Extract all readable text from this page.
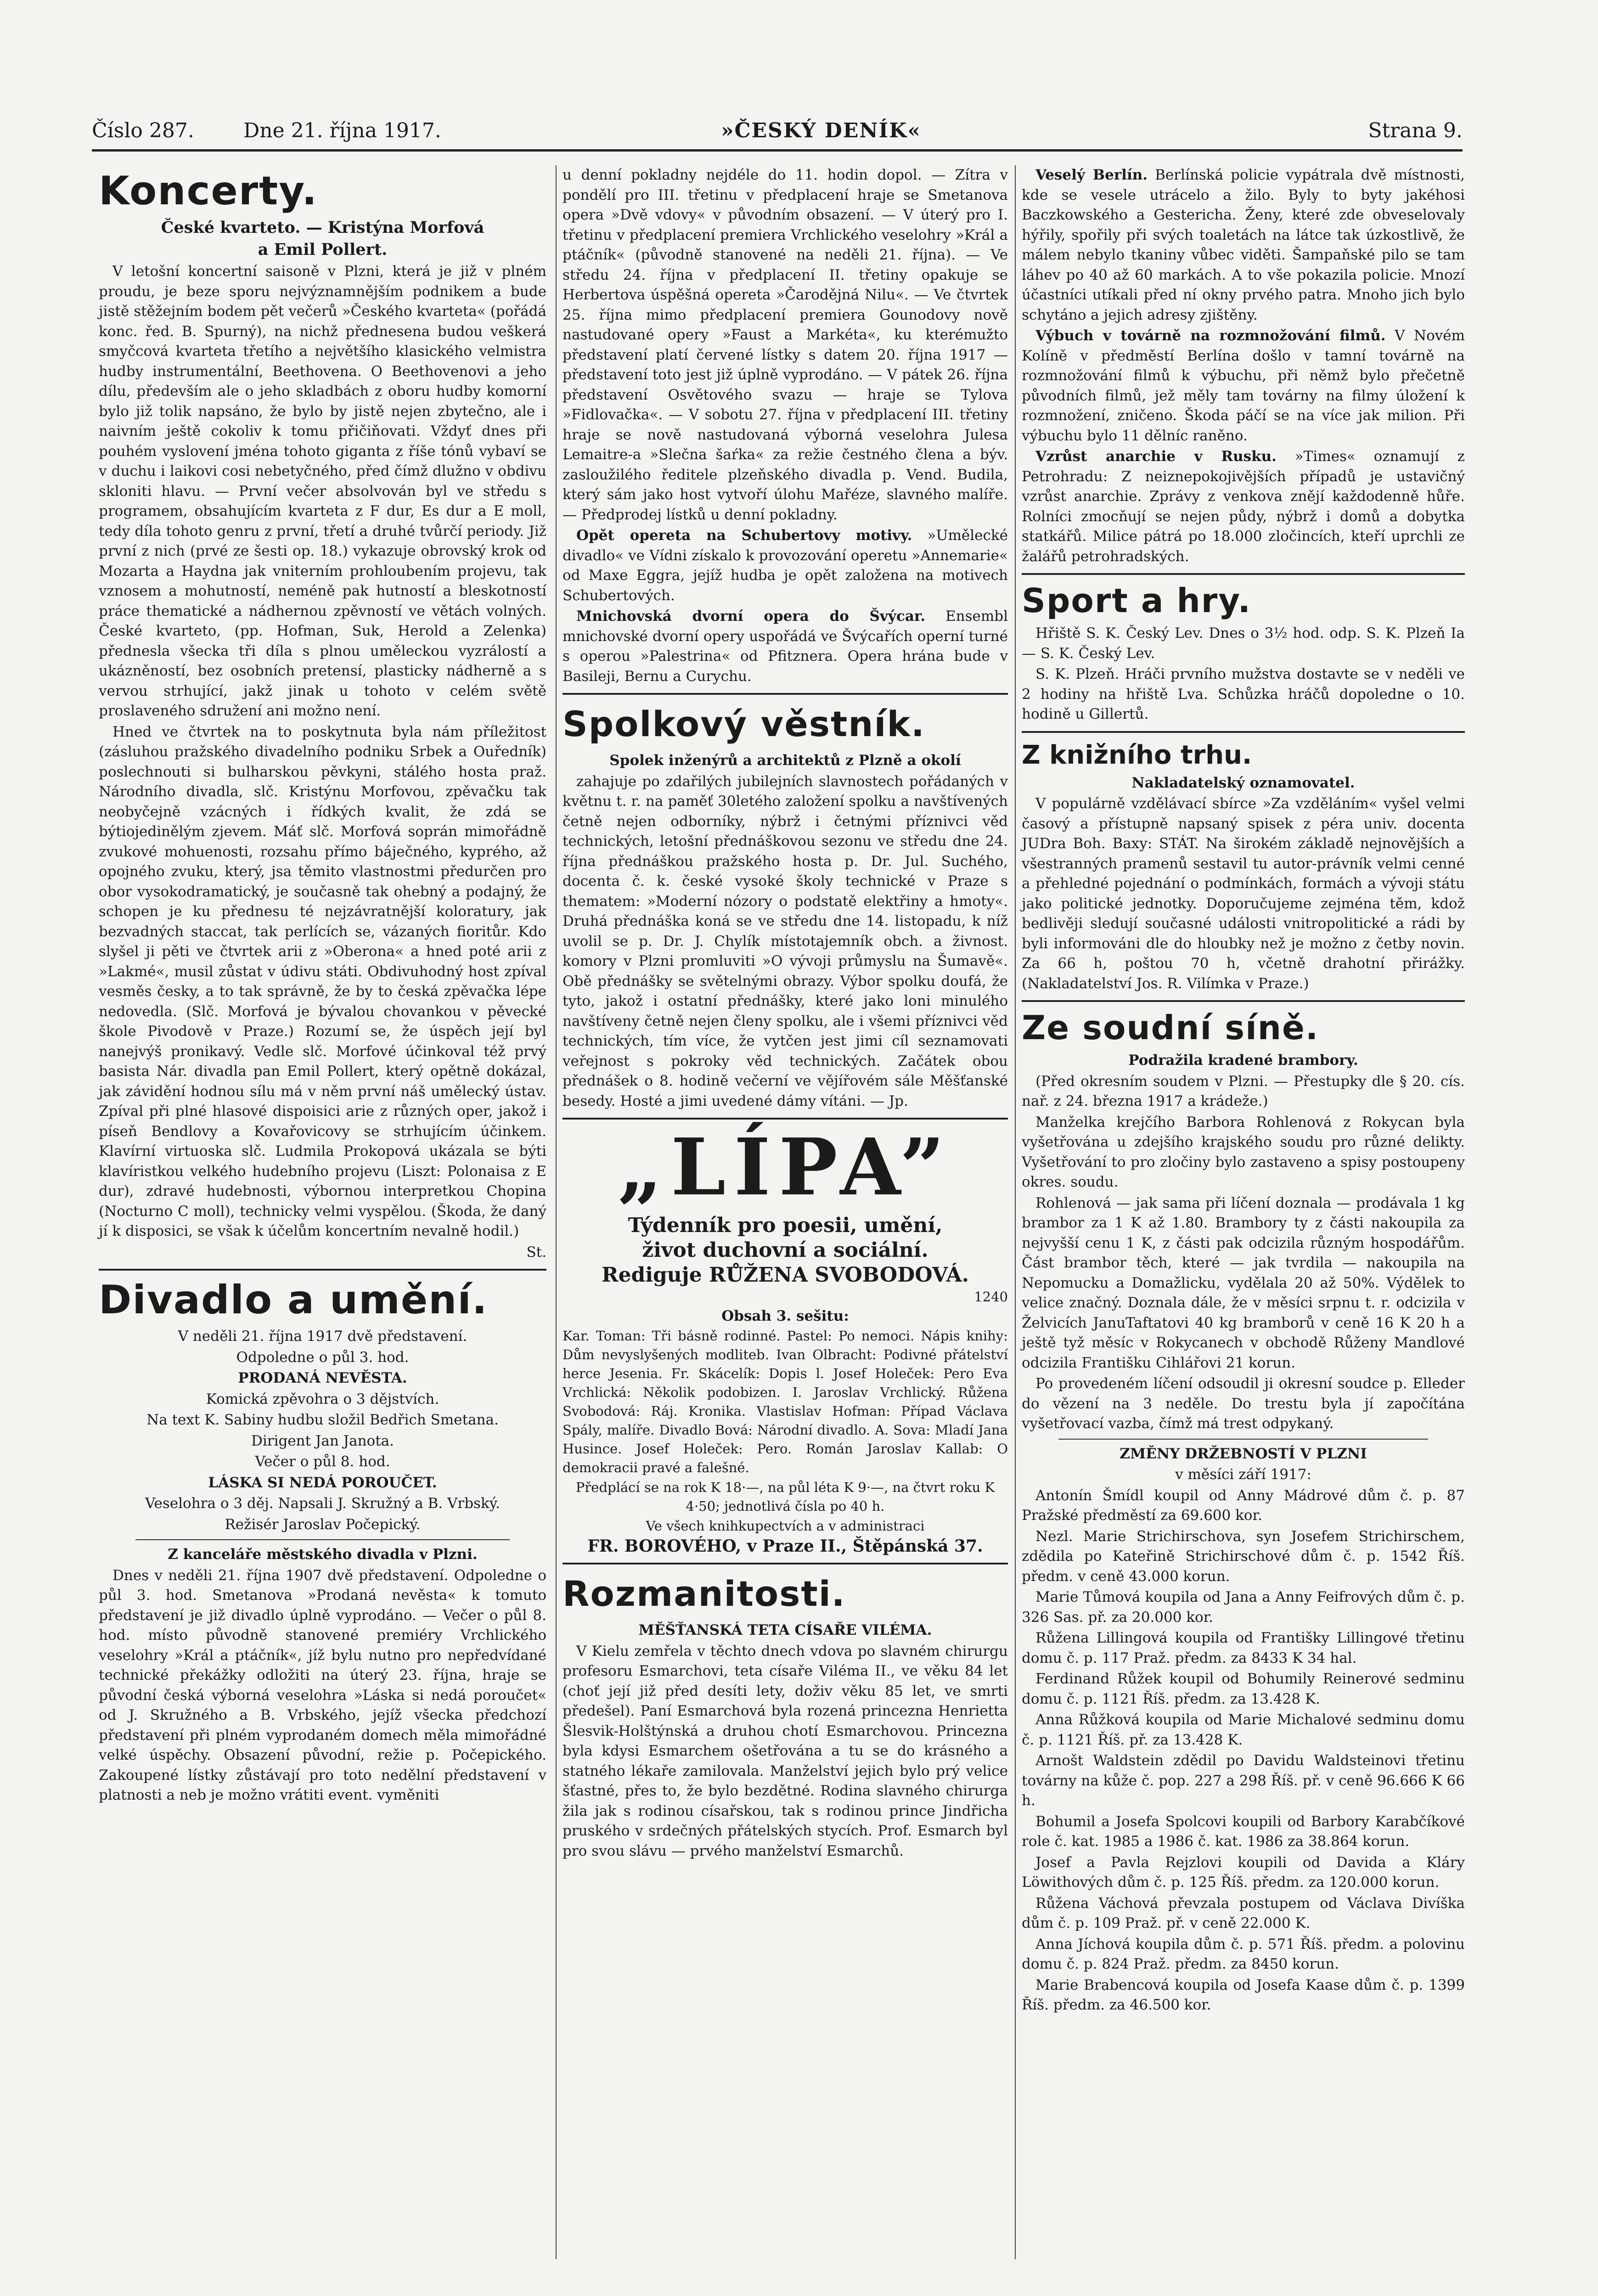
Číslo 287. Dne 21. října 1917.	»ČESKÝ DENÍK«	Strana 9.
Koncerty.
České kvarteto. — Kristýna Morfová
a Emil Pollert.

V letošní koncertní saisoně v Plzni, která je již v plném proudu, je beze sporu nejvýznamnějším podnikem a bude jistě stěžejním bodem pět večerů »Českého kvarteta« (pořádá konc. řed. B. Spurný), na nichž přednesena budou veškerá smyčcová kvarteta třetího a největšího klasického velmistra hudby instrumentální, Beethovena. O Beethovenovi a jeho dílu, především ale o jeho skladbách z oboru hudby komorní bylo již tolik napsáno, že bylo by jistě nejen zbytečno, ale i naivním ještě cokoliv k tomu přičiňovati. Vždyť dnes při pouhém vyslovení jména tohoto giganta z říše tónů vybaví se v duchu i laikovi cosi nebetyčného, před čímž dlužno v obdivu skloniti hlavu. — První večer absolvován byl ve středu s programem, obsahujícím kvarteta z F dur, Es dur a E moll, tedy díla tohoto genru z první, třetí a druhé tvůrčí periody. Již první z nich (prvé ze šesti op. 18.) vykazuje obrovský krok od Mozarta a Haydna jak vniterním prohloubením projevu, tak vznosem a mohutností, neméně pak hutností a bleskotností práce thematické a nádhernou zpěvností ve větách volných. České kvarteto, (pp. Hofman, Suk, Herold a Zelenka) přednesla všecka tři díla s plnou uměleckou vyzrálostí a ukázněností, bez osobních pretensí, plasticky nádherně a s vervou strhující, jakž jinak u tohoto v celém světě proslaveného sdružení ani možno není.

Hned ve čtvrtek na to poskytnuta byla nám příležitost (zásluhou pražského divadelního podniku Srbek a Ouředník) poslechnouti si bulharskou pěvkyni, stálého hosta praž. Národního divadla, slč. Kristýnu Morfovou, zpěvačku tak neobyčejně vzácných i řídkých kvalit, že zdá se býtiojedinělým zjevem. Máť slč. Morfová soprán mimořádně zvukové mohuenosti, rozsahu přímo báječného, kyprého, až opojného zvuku, který, jsa těmito vlastnostmi předurčen pro obor vysokodramatický, je současně tak ohebný a podajný, že schopen je ku přednesu té nejzávratnější koloratury, jak bezvadných staccat, tak perlících se, vázaných fioritůr. Kdo slyšel ji pěti ve čtvrtek arii z »Oberona« a hned poté arii z »Lakmé«, musil zůstat v údivu státi. Obdivuhodný host zpíval vesměs česky, a to tak správně, že by to česká zpěvačka lépe nedovedla. (Slč. Morfová je bývalou chovankou v pěvecké škole Pivodově v Praze.) Rozumí se, že úspěch její byl nanejvýš pronikavý. Vedle slč. Morfové účinkoval též prvý basista Nár. divadla pan Emil Pollert, který opětně dokázal, jak závidění hodnou sílu má v něm první náš umělecký ústav. Zpíval při plné hlasové dispoisici arie z různých oper, jakož i píseň Bendlovy a Kovařovicovy se strhujícím účinkem. Klavírní virtuoska slč. Ludmila Prokopová ukázala se býti klavíristkou velkého hudebního projevu (Liszt: Polonaisa z E dur), zdravé hudebnosti, výbornou interpretkou Chopina (Nocturno C moll), technicky velmi vyspělou. (Škoda, že daný jí k disposici, se však k účelům koncertním nevalně hodil.)

St.

Divadlo a umění.

V neděli 21. října 1917 dvě představení.

Odpoledne o půl 3. hod.

PRODANÁ NEVĚSTA.

Komická zpěvohra o 3 dějstvích.

Na text K. Sabiny hudbu složil Bedřich Smetana.

Dirigent Jan Janota.

Večer o půl 8. hod.

LÁSKA SI NEDÁ POROUČET.

Veselohra o 3 děj. Napsali J. Skružný a B. Vrbský.

Režisér Jaroslav Počepický.

Z kanceláře městského divadla v Plzni.

Dnes v neděli 21. října 1907 dvě představení. Odpoledne o půl 3. hod. Smetanova »Prodaná nevěsta« k tomuto představení je již divadlo úplně vyprodáno. — Večer o půl 8. hod. místo původně stanovené premiéry Vrchlického veselohry »Král a ptáčník«, jíž bylu nutno pro nepředvídané technické překážky odložiti na úterý 23. října, hraje se původní česká výborná veselohra »Láska si nedá poroučet« od J. Skružného a B. Vrbského, jejíž všecka předchozí představení při plném vyprodaném domech měla mimořádné velké úspěchy. Obsazení původní, režie p. Počepického. Zakoupené lístky zůstávají pro toto nedělní představení v platnosti a neb je možno vrátiti event. vyměniti

u denní pokladny nejdéle do 11. hodin dopol. — Zítra v pondělí pro III. třetinu v předplacení hraje se Smetanova opera »Dvě vdovy« v původním obsazení. — V úterý pro I. třetinu v předplacení premiera Vrchlického veselohry »Král a ptáčník« (původně stanovené na neděli 21. října). — Ve středu 24. října v předplacení II. třetiny opakuje se Herbertova úspěšná opereta »Čarodějná Nilu«. — Ve čtvrtek 25. října mimo předplacení premiera Gounodovy nově nastudované opery »Faust a Markéta«, ku kterémužto představení platí červené lístky s datem 20. října 1917 — představení toto jest již úplně vyprodáno. — V pátek 26. října představení Osvětového svazu — hraje se Tylova »Fidlovačka«. — V sobotu 27. října v předplacení III. třetiny hraje se nově nastudovaná výborná veselohra Julesa Lemaitre-a »Slečna šaŕka« za režie čestného člena a býv. zasloužilého ředitele plzeňského divadla p. Vend. Budila, který sám jako host vytvoří úlohu Mařéze, slavného malíře. — Předprodej lístků u denní pokladny.

Opět opereta na Schubertovy motivy. »Umělecké divadlo« ve Vídni získalo k provozování operetu »Annemarie« od Maxe Eggra, jejíž hudba je opět založena na motivech Schubertových.

Mnichovská dvorní opera do Švýcar. Ensembl mnichovské dvorní opery uspořádá ve Švýcařích operní turné s operou »Palestrina« od Pfitznera. Opera hrána bude v Basileji, Bernu a Curychu.

Spolkový věstník.

Spolek inženýrů a architektů z Plzně a okolí

zahajuje po zdařilých jubilejních slavnostech pořádaných v květnu t. r. na paměť 30letého založení spolku a navštívených četně nejen odborníky, nýbrž i četnými příznivci věd technických, letošní přednáškovou sezonu ve středu dne 24. října přednáškou pražského hosta p. Dr. Jul. Suchého, docenta č. k. české vysoké školy technické v Praze s thematem: »Moderní nózory o podstatě elektřiny a hmoty«. Druhá přednáška koná se ve středu dne 14. listopadu, k níž uvolil se p. Dr. J. Chylík místotajemník obch. a živnost. komory v Plzni promluviti »O vývoji průmyslu na Šumavě«. Obě přednášky se světelnými obrazy. Výbor spolku doufá, že tyto, jakož i ostatní přednášky, které jako loni minulého navštíveny četně nejen členy spolku, ale i všemi příznivci věd technických, tím více, že vytčen jest jimi cíl seznamovati veřejnost s pokroky věd technických. Začátek obou přednášek o 8. hodině večerní ve vějířovém sále Měšťanské besedy. Hosté a jimi uvedené dámy vítáni. — Jp.

„LÍPA”
Týdenník pro poesii, umění,
život duchovní a sociální.
Rediguje RŮŽENA SVOBODOVÁ.
1240
Obsah 3. sešitu:

Kar. Toman: Tři básně rodinné. Pastel: Po nemoci. Nápis knihy: Dům nevyslyšených modliteb. Ivan Olbracht: Podivné přátelství herce Jesenia. Fr. Skácelík: Dopis l. Josef Holeček: Pero Eva Vrchlická: Několik podobizen. I. Jaroslav Vrchlický. Růžena Svobodová: Ráj. Kronika. Vlastislav Hofman: Případ Václava Spály, malíře. Divadlo Bová: Národní divadlo. A. Sova: Mladí Jana Husince. Josef Holeček: Pero. Román Jaroslav Kallab: O demokracii pravé a falešné.

Předplácí se na rok K 18·—, na půl léta K 9·—, na čtvrt roku K 4·50; jednotlivá čísla po 40 h.

Ve všech knihkupectvích a v administraci

FR. BOROVÉHO, v Praze II., Štěpánská 37.

Rozmanitosti.

MĚŠŤANSKÁ TETA CÍSAŘE VILÉMA.

V Kielu zemřela v těchto dnech vdova po slavném chirurgu profesoru Esmarchovi, teta císaře Viléma II., ve věku 84 let (choť její již před desíti lety, doživ věku 85 let, ve smrti předešel). Paní Esmarchová byla rozená princezna Henrietta Šlesvik-Holštýnská a druhou chotí Esmarchovou. Princezna byla kdysi Esmarchem ošetřována a tu se do krásného a statného lékaře zamilovala. Manželství jejich bylo prý velice šťastné, přes to, že bylo bezdětné. Rodina slavného chirurga žila jak s rodinou císařskou, tak s rodinou prince Jindřicha pruského v srdečných přátelských stycích. Prof. Esmarch byl pro svou slávu — prvého manželství Esmarchů.

Veselý Berlín. Berlínská policie vypátrala dvě místnosti, kde se vesele utrácelo a žilo. Byly to byty jakéhosi Baczkowského a Gestericha. Ženy, které zde obveselovaly hýřily, spořily při svých toaletách na látce tak úzkostlivě, že málem nebylo tkaniny vůbec viděti. Šampaňské pilo se tam láhev po 40 až 60 markách. A to vše pokazila policie. Mnozí účastníci utíkali před ní okny prvého patra. Mnoho jich bylo schytáno a jejich adresy zjištěny.

Výbuch v továrně na rozmnožování filmů. V Novém Kolíně v předměstí Berlína došlo v tamní továrně na rozmnožování filmů k výbuchu, při němž bylo přečetně původních filmů, jež měly tam továrny na filmy úložení k rozmnožení, zničeno. Škoda páčí se na více jak milion. Při výbuchu bylo 11 dělníc raněno.

Vzrůst anarchie v Rusku. »Times« oznamují z Petrohradu: Z neiznepokojivějších případů je ustavičný vzrůst anarchie. Zprávy z venkova znějí každodenně hůře. Rolníci zmocňují se nejen půdy, nýbrž i domů a dobytka statkářů. Milice pátrá po 18.000 zločincích, kteří uprchli ze žalářů petrohradských.

Sport a hry.

Hřiště S. K. Český Lev. Dnes o 3½ hod. odp. S. K. Plzeň Ia — S. K. Český Lev.

S. K. Plzeň. Hráči prvního mužstva dostavte se v neděli ve 2 hodiny na hřiště Lva. Schůzka hráčů dopoledne o 10. hodině u Gillertů.

Z knižního trhu.

Nakladatelský oznamovatel.

V populárně vzdělávací sbírce »Za vzděláním« vyšel velmi časový a přístupně napsaný spisek z péra univ. docenta JUDra Boh. Baxy: STÁT. Na širokém základě nejnovějších a všestranných pramenů sestavil tu autor-právník velmi cenné a přehledné pojednání o podmínkách, formách a vývoji státu jako politické jednotky. Doporučujeme zejména těm, kdož bedlivěji sledují současné události vnitropolitické a rádi by byli informováni dle do hloubky než je možno z četby novin. Za 66 h, poštou 70 h, včetně drahotní přirážky. (Nakladatelství Jos. R. Vilímka v Praze.)

Ze soudní síně.

Podražila kradené brambory.

(Před okresním soudem v Plzni. — Přestupky dle § 20. cís. nař. z 24. března 1917 a krádeže.)

Manželka krejčího Barbora Rohlenová z Rokycan byla vyšetřována u zdejšího krajského soudu pro různé delikty. Vyšetřování to pro zločiny bylo zastaveno a spisy postoupeny okres. soudu.

Rohlenová — jak sama při líčení doznala — prodávala 1 kg brambor za 1 K až 1.80. Brambory ty z části nakoupila za nejvyšší cenu 1 K, z části pak odcizila různým hospodářům. Část brambor těch, které — jak tvrdila — nakoupila na Nepomucku a Domažlicku, vydělala 20 až 50%. Výdělek to velice značný. Doznala dále, že v měsíci srpnu t. r. odcizila v Želvicích JanuTaftatovi 40 kg bramborů v ceně 16 K 20 h a ještě tyž měsíc v Rokycanech v obchodě Růženy Mandlové odcizila Františku Cihlářovi 21 korun.

Po provedeném líčení odsoudil ji okresní soudce p. Elleder do vězení na 3 neděle. Do trestu byla jí započítána vyšetřovací vazba, čímž má trest odpykaný.

ZMĚNY DRŽEBNOSTÍ V PLZNI

v měsíci září 1917:

Antonín Šmídl koupil od Anny Mádrové dům č. p. 87 Pražské předměstí za 69.600 kor.

Nezl. Marie Strichirschova, syn Josefem Strichirschem, zdědila po Kateřině Strichirschové dům č. p. 1542 Říš. předm. v ceně 43.000 korun.

Marie Tůmová koupila od Jana a Anny Feifrových dům č. p. 326 Sas. př. za 20.000 kor.

Růžena Lillingová koupila od Františky Lillingové třetinu domu č. p. 117 Praž. předm. za 8433 K 34 hal.

Ferdinand Růžek koupil od Bohumily Reinerové sedminu domu č. p. 1121 Říš. předm. za 13.428 K.

Anna Růžková koupila od Marie Michalové sedminu domu č. p. 1121 Říš. př. za 13.428 K.

Arnošt Waldstein zdědil po Davidu Waldsteinovi třetinu továrny na kůže č. pop. 227 a 298 Říš. př. v ceně 96.666 K 66 h.

Bohumil a Josefa Spolcovi koupili od Barbory Karabčíkové role č. kat. 1985 a 1986 č. kat. 1986 za 38.864 korun.

Josef a Pavla Rejzlovi koupili od Davida a Kláry Löwithových dům č. p. 125 Říš. předm. za 120.000 korun.

Růžena Váchová převzala postupem od Václava Divíška dům č. p. 109 Praž. př. v ceně 22.000 K.

Anna Jíchová koupila dům č. p. 571 Říš. předm. a polovinu domu č. p. 824 Praž. předm. za 8450 korun.

Marie Brabencová koupila od Josefa Kaase dům č. p. 1399 Říš. předm. za 46.500 kor.
